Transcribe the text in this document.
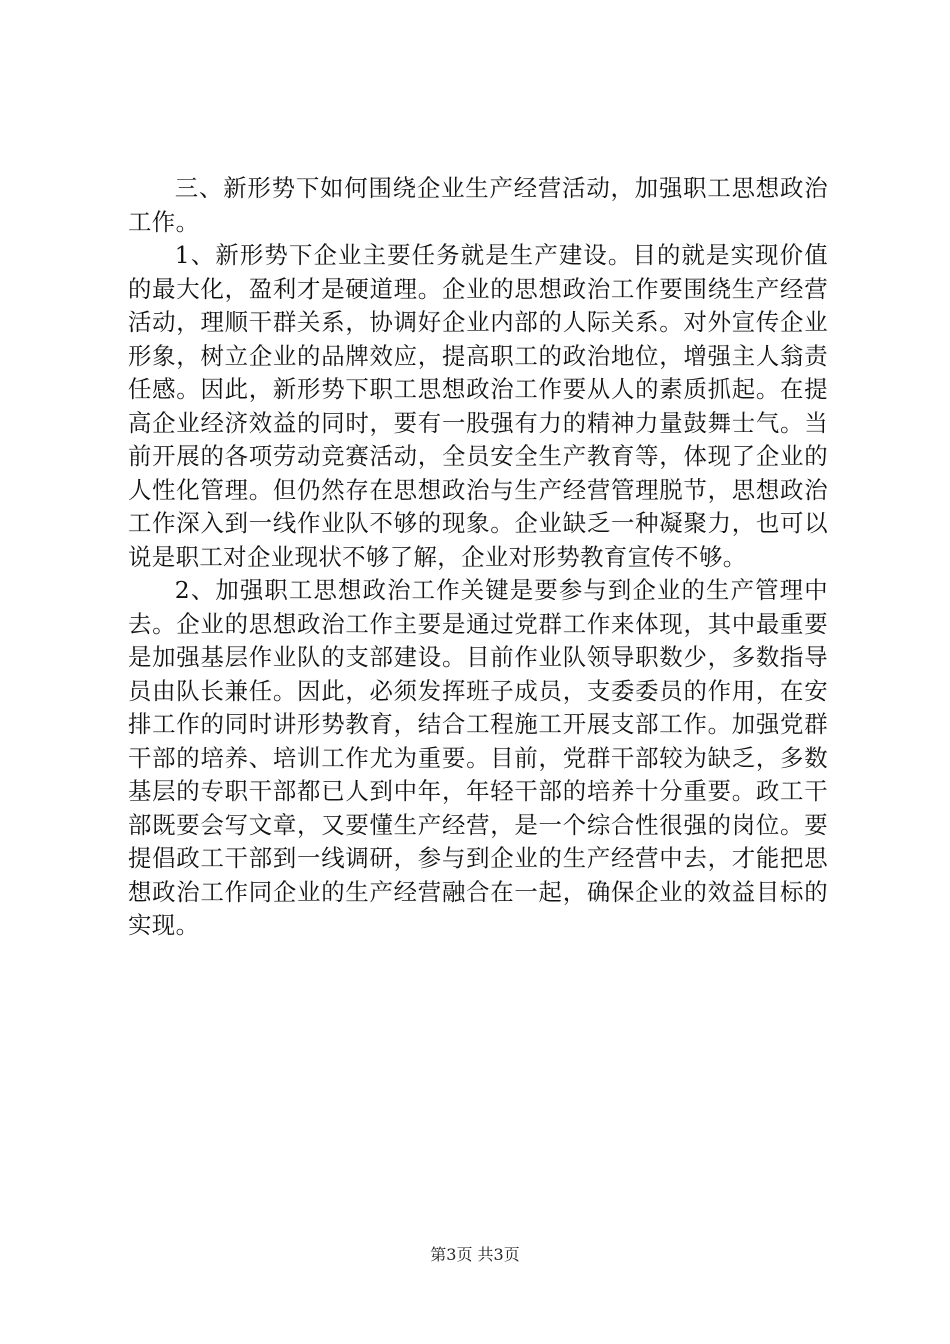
三、新形势下如何围绕企业生产经营活动，加强职工思想政治工作。

1、新形势下企业主要任务就是生产建设。目的就是实现价值的最大化，盈利才是硬道理。企业的思想政治工作要围绕生产经营活动，理顺干群关系，协调好企业内部的人际关系。对外宣传企业形象，树立企业的品牌效应，提高职工的政治地位，增强主人翁责任感。因此，新形势下职工思想政治工作要从人的素质抓起。在提高企业经济效益的同时，要有一股强有力的精神力量鼓舞士气。当前开展的各项劳动竞赛活动，全员安全生产教育等，体现了企业的人性化管理。但仍然存在思想政治与生产经营管理脱节，思想政治工作深入到一线作业队不够的现象。企业缺乏一种凝聚力，也可以说是职工对企业现状不够了解，企业对形势教育宣传不够。

2、加强职工思想政治工作关键是要参与到企业的生产管理中去。企业的思想政治工作主要是通过党群工作来体现，其中最重要是加强基层作业队的支部建设。目前作业队领导职数少，多数指导员由队长兼任。因此，必须发挥班子成员，支委委员的作用，在安排工作的同时讲形势教育，结合工程施工开展支部工作。加强党群干部的培养、培训工作尤为重要。目前，党群干部较为缺乏，多数基层的专职干部都已人到中年，年轻干部的培养十分重要。政工干部既要会写文章，又要懂生产经营，是一个综合性很强的岗位。要提倡政工干部到一线调研，参与到企业的生产经营中去，才能把思想政治工作同企业的生产经营融合在一起，确保企业的效益目标的实现。

第3页 共3页
